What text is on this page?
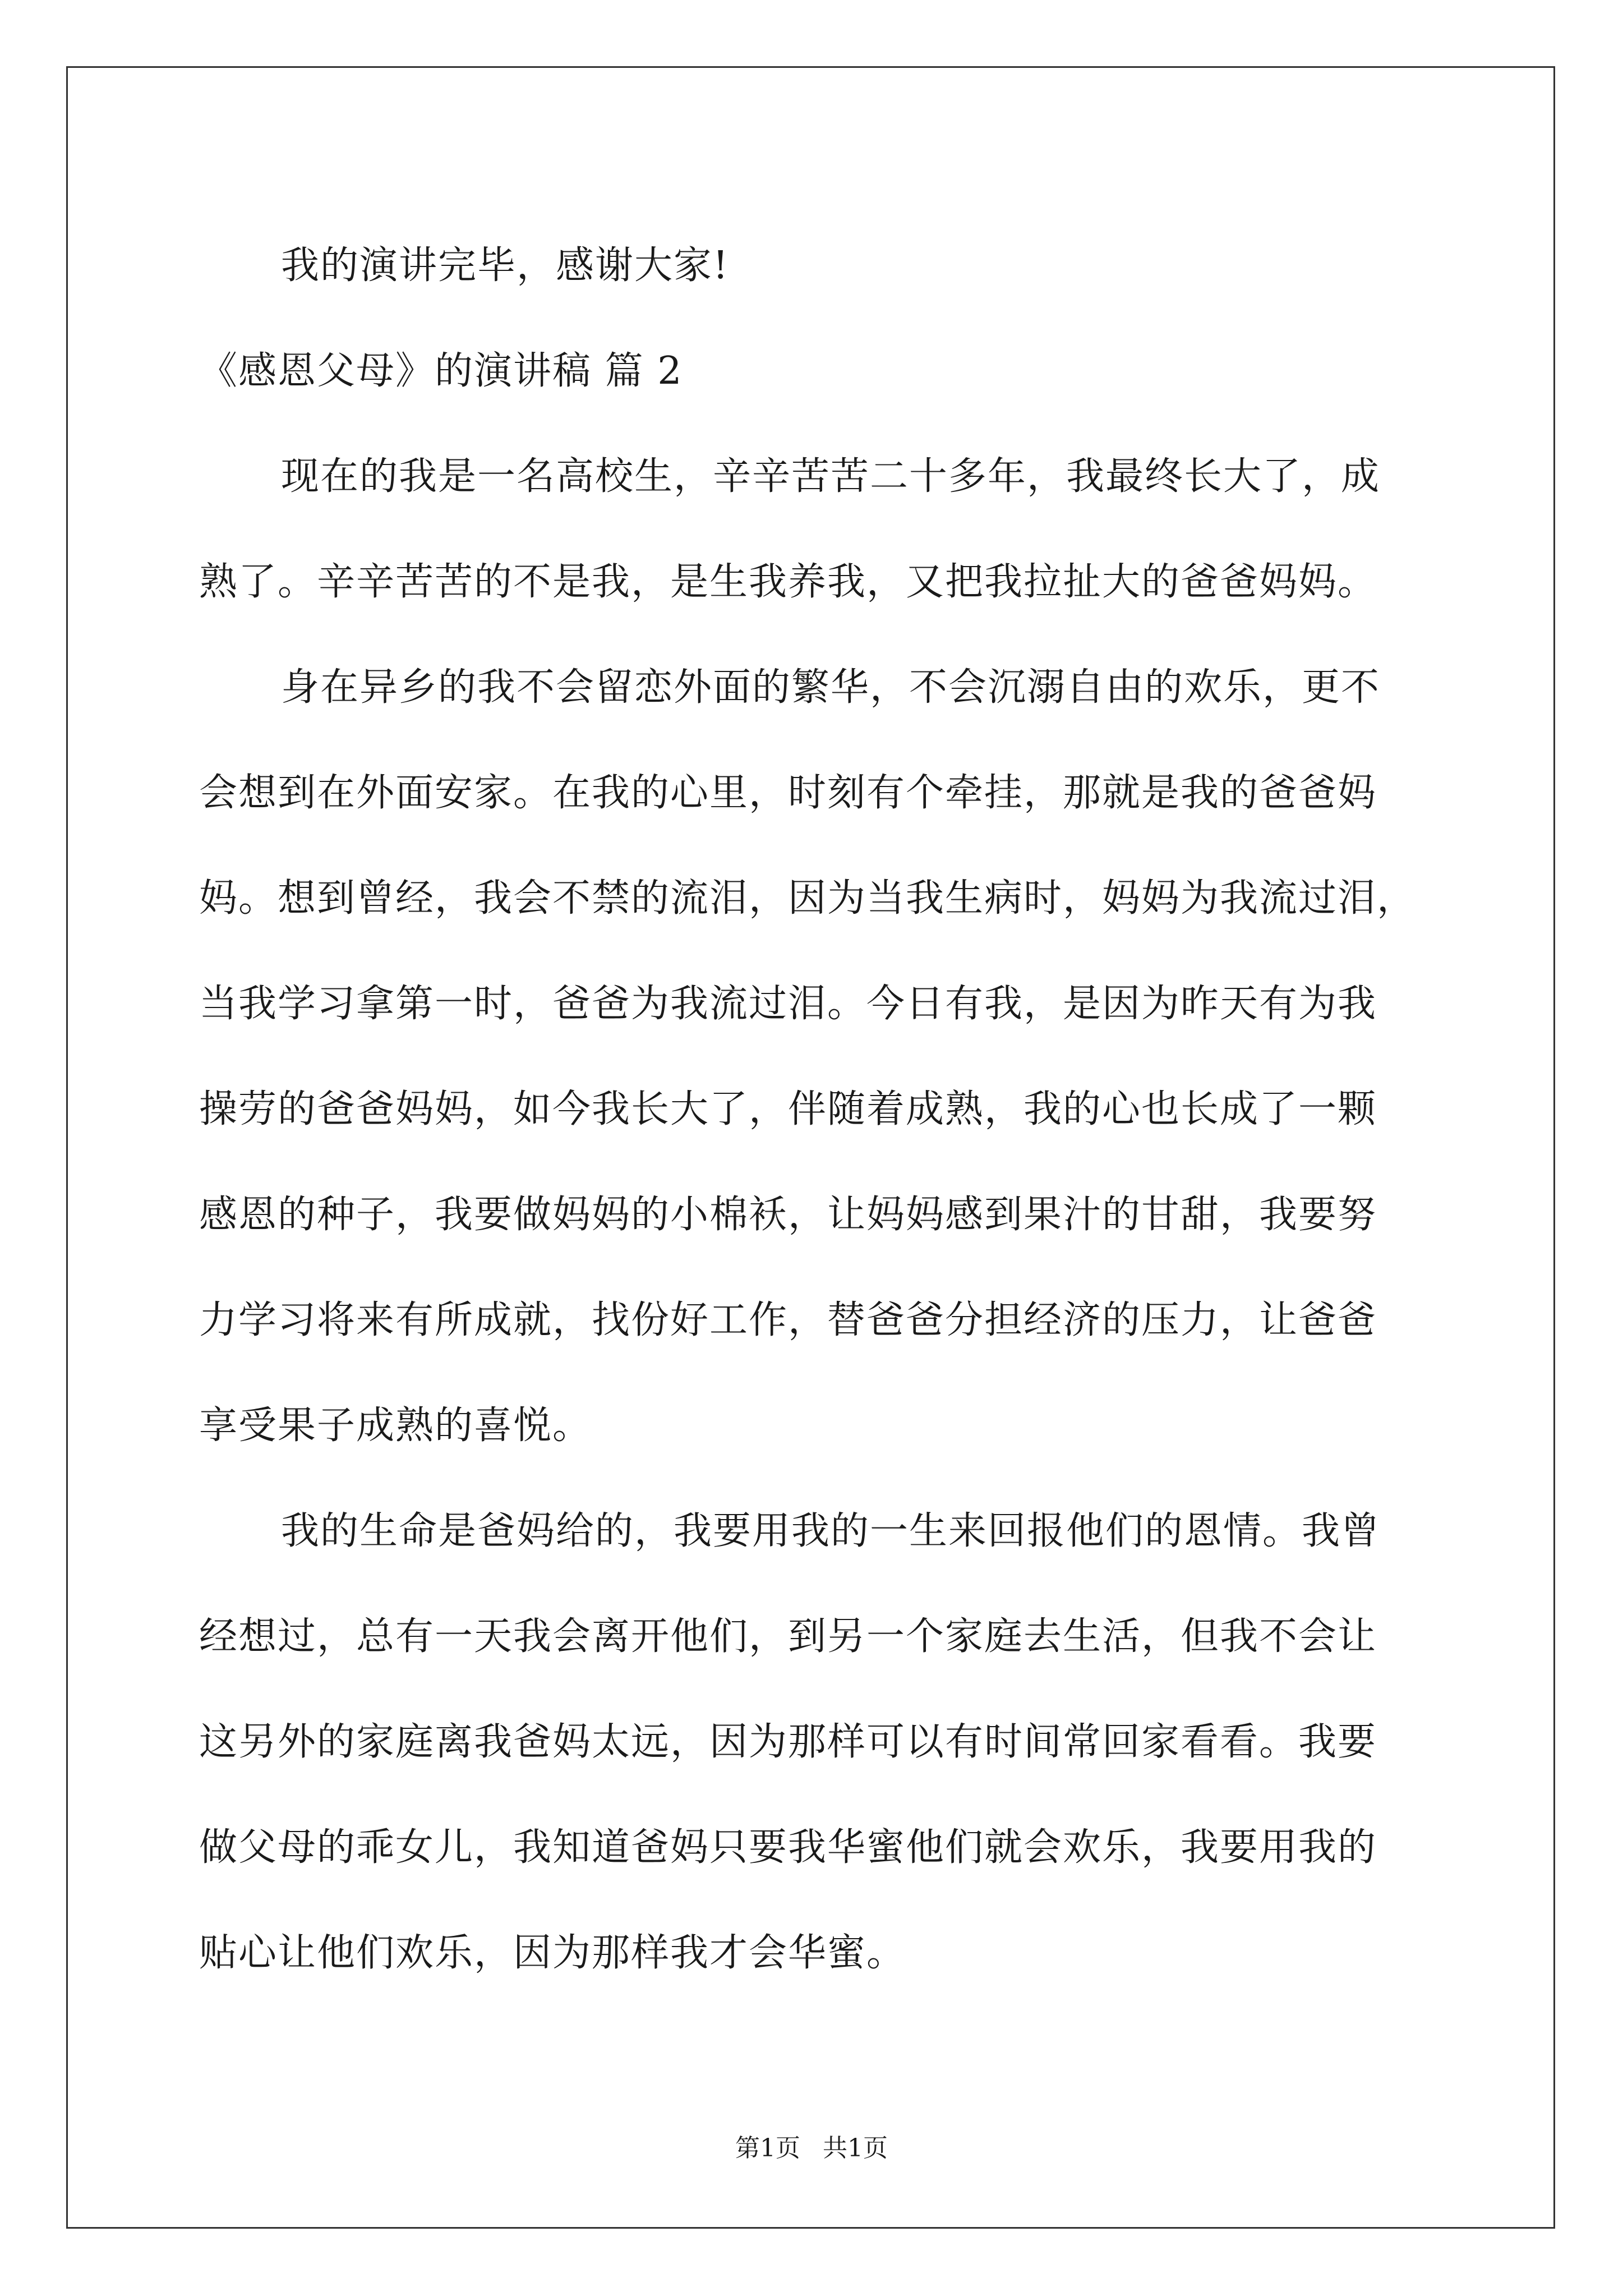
我的演讲完毕，感谢大家!
《感恩父母》的演讲稿 篇 2
现在的我是一名高校生，辛辛苦苦二十多年，我最终长大了，成
熟了。辛辛苦苦的不是我，是生我养我，又把我拉扯大的爸爸妈妈。
身在异乡的我不会留恋外面的繁华，不会沉溺自由的欢乐，更不
会想到在外面安家。在我的心里，时刻有个牵挂，那就是我的爸爸妈
妈。想到曾经，我会不禁的流泪，因为当我生病时，妈妈为我流过泪，
当我学习拿第一时，爸爸为我流过泪。今日有我，是因为昨天有为我
操劳的爸爸妈妈，如今我长大了，伴随着成熟，我的心也长成了一颗
感恩的种子，我要做妈妈的小棉袄，让妈妈感到果汁的甘甜，我要努
力学习将来有所成就，找份好工作，替爸爸分担经济的压力，让爸爸
享受果子成熟的喜悦。
我的生命是爸妈给的，我要用我的一生来回报他们的恩情。我曾
经想过，总有一天我会离开他们，到另一个家庭去生活，但我不会让
这另外的家庭离我爸妈太远，因为那样可以有时间常回家看看。我要
做父母的乖女儿，我知道爸妈只要我华蜜他们就会欢乐，我要用我的
贴心让他们欢乐，因为那样我才会华蜜。
第1页 共1页
